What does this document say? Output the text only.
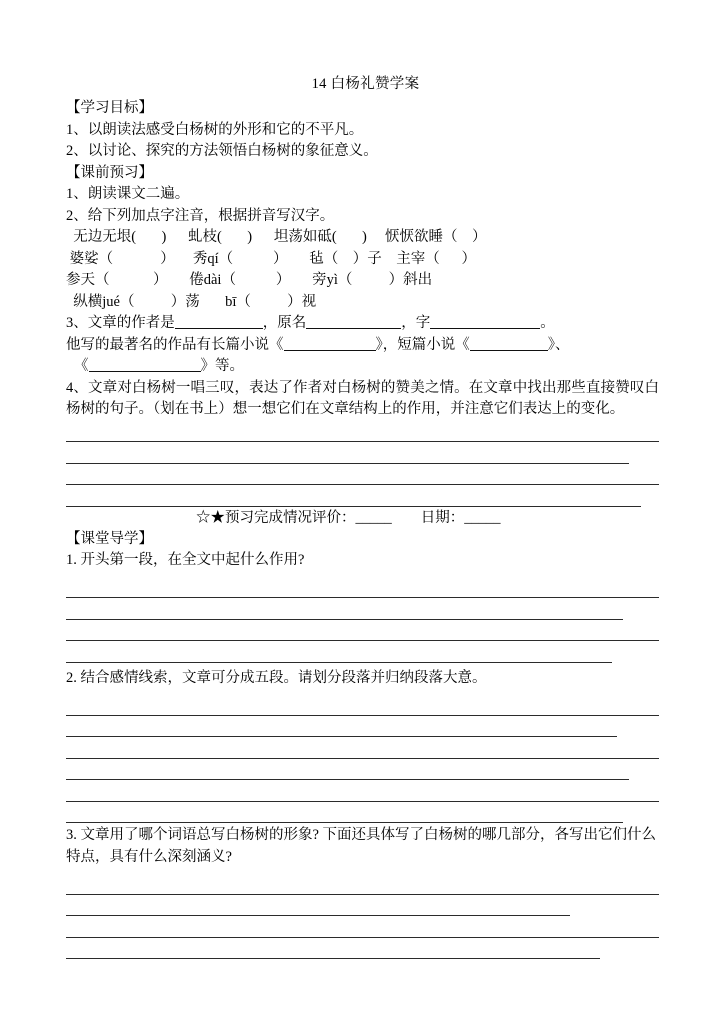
14 白杨礼赞学案
【学习目标】
1、以朗读法感受白杨树的外形和它的不平凡。
2、以讨论、探究的方法领悟白杨树的象征意义。
【课前预习】
1、朗读课文二遍。
2、给下列加点字注音，根据拼音写汉字。
无边无垠(       )      虬枝(       )      坦荡如砥(       )     恹恹欲睡（    ）
婆娑（             ）     秀qí（           ）      毡（    ）子    主宰（      ）
参天（            ）      倦dài（           ）      旁yì（          ）斜出
纵横jué（          ）荡       bī（          ）视
3、文章的作者是	，原名	，字	。
他写的最著名的作品有长篇小说《	》，短篇小说《	》、
《	》等。
4、文章对白杨树一唱三叹，表达了作者对白杨树的赞美之情。在文章中找出那些直接赞叹白杨树的句子。（划在书上）想一想它们在文章结构上的作用，并注意它们表达上的变化。
☆★预习完成情况评价：_____        日期：_____
【课堂导学】
1. 开头第一段，在全文中起什么作用?
2. 结合感情线索，文章可分成五段。请划分段落并归纳段落大意。
3. 文章用了哪个词语总写白杨树的形象? 下面还具体写了白杨树的哪几部分，各写出它们什么特点，具有什么深刻涵义?
